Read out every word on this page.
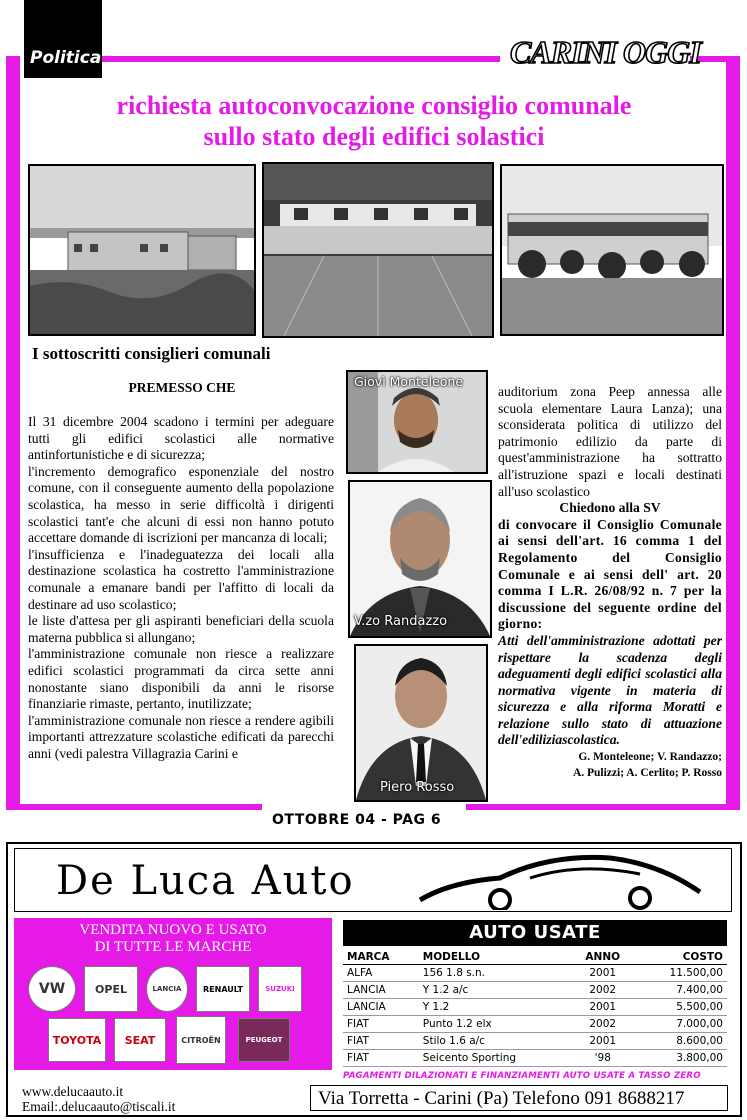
Politica	CARINI OGGI
richiesta autoconvocazione consiglio comunale
sullo stato degli edifici solastici
I sottoscritti consiglieri comunali
PREMESSO CHE

Il 31 dicembre 2004 scadono i termini per adeguare tutti gli edifici scolastici alle normative antinfortunistiche e di sicurezza;

l'incremento demografico esponenziale del nostro comune, con il conseguente aumento della popolazione scolastica, ha messo in serie difficoltà i dirigenti scolastici tant'e che alcuni di essi non hanno potuto accettare domande di iscrizioni per mancanza di locali;

l'insufficienza e l'inadeguatezza dei locali alla destinazione scolastica ha costretto l'amministrazione comunale a emanare bandi per l'affitto di locali da destinare ad uso scolastico;

le liste d'attesa per gli aspiranti beneficiari della scuola materna pubblica si allungano;

l'amministrazione comunale non riesce a realizzare edifici scolastici programmati da circa sette anni nonostante siano disponibili da anni le risorse finanziarie rimaste, pertanto, inutilizzate;

l'amministrazione comunale non riesce a rendere agibili importanti attrezzature scolastiche edificati da parecchi anni (vedi palestra Villagrazia Carini e

Giovì Monteleone
V.zo Randazzo
Piero Rosso

auditorium zona Peep annessa alle scuola elementare Laura Lanza); una sconsiderata politica di utilizzo del patrimonio edilizio da parte di quest'amministrazione ha sottratto all'istruzione spazi e locali destinati all'uso scolastico

Chiedono alla SV

di convocare il Consiglio Comunale ai sensi dell'art. 16 comma 1 del Regolamento del Consiglio Comunale e ai sensi dell' art. 20 comma I L.R. 26/08/92 n. 7 per la discussione del seguente ordine del giorno:

Atti dell'amministrazione adottati per rispettare la scadenza degli adeguamenti degli edifici scolastici alla normativa vigente in materia di sicurezza e alla riforma Moratti e relazione sullo stato di attuazione dell'ediliziascolastica.

G. Monteleone; V. Randazzo;

A. Pulizzi; A. Cerlito; P. Rosso

OTTOBRE 04 - PAG 6
De Luca Auto
VENDITA NUOVO E USATO
DI TUTTE LE MARCHE
VW	OPEL	LANCIA	RENAULT	SUZUKI
TOYOTA SEAT	CITROËN	PEUGEOT
AUTO USATE
MARCA	MODELLO	ANNO	COSTO
ALFA	156 1.8 s.n.	2001	11.500,00
LANCIA	Y 1.2 a/c	2002	7.400,00
LANCIA	Y 1.2	2001	5.500,00
FIAT	Punto 1.2 elx	2002	7.000,00
FIAT	Stilo 1.6 a/c	2001	8.600,00
FIAT	Seicento Sporting	'98	3.800,00
PAGAMENTI DILAZIONATI E FINANZIAMENTI AUTO USATE A TASSO ZERO
www.delucaauto.it
Email:.delucaauto@tiscali.it	Via Torretta - Carini (Pa) Telefono 091 8688217
